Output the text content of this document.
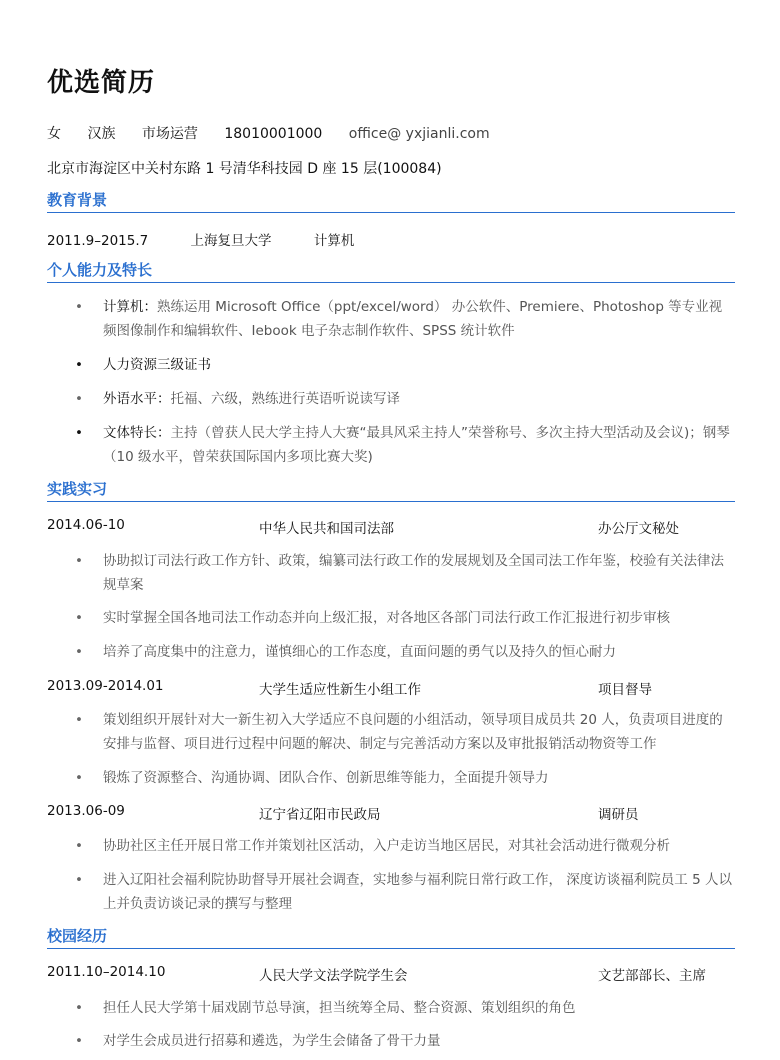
优选简历
女 汉族 市场运营 18010001000 office@ yxjianli.com
北京市海淀区中关村东路 1 号清华科技园 D 座 15 层(100084)
教育背景
2011.9–2015.7	上海复旦大学	计算机
个人能力及特长
• 计算机：熟练运用 Microsoft Office（ppt/excel/word） 办公软件、Premiere、Photoshop 等专业视频图像制作和编辑软件、Iebook 电子杂志制作软件、SPSS 统计软件
• 人力资源三级证书
• 外语水平：托福、六级，熟练进行英语听说读写译
• 文体特长：主持（曾获人民大学主持人大赛“最具风采主持人”荣誉称号、多次主持大型活动及会议)；钢琴（10 级水平，曾荣获国际国内多项比赛大奖)
实践实习
2014.06-10	中华人民共和国司法部	办公厅文秘处
• 协助拟订司法行政工作方针、政策，编纂司法行政工作的发展规划及全国司法工作年鉴，校验有关法律法规草案
• 实时掌握全国各地司法工作动态并向上级汇报，对各地区各部门司法行政工作汇报进行初步审核
• 培养了高度集中的注意力，谨慎细心的工作态度，直面问题的勇气以及持久的恒心耐力
2013.09-2014.01	大学生适应性新生小组工作	项目督导
• 策划组织开展针对大一新生初入大学适应不良问题的小组活动，领导项目成员共 20 人，负责项目进度的安排与监督、项目进行过程中问题的解决、制定与完善活动方案以及审批报销活动物资等工作
• 锻炼了资源整合、沟通协调、团队合作、创新思维等能力，全面提升领导力
2013.06-09	辽宁省辽阳市民政局	调研员
• 协助社区主任开展日常工作并策划社区活动，入户走访当地区居民，对其社会活动进行微观分析
• 进入辽阳社会福利院协助督导开展社会调查，实地参与福利院日常行政工作， 深度访谈福利院员工 5 人以上并负责访谈记录的撰写与整理
校园经历
2011.10–2014.10	人民大学文法学院学生会	文艺部部长、主席
• 担任人民大学第十届戏剧节总导演，担当统筹全局、整合资源、策划组织的角色
• 对学生会成员进行招募和遴选，为学生会储备了骨干力量
